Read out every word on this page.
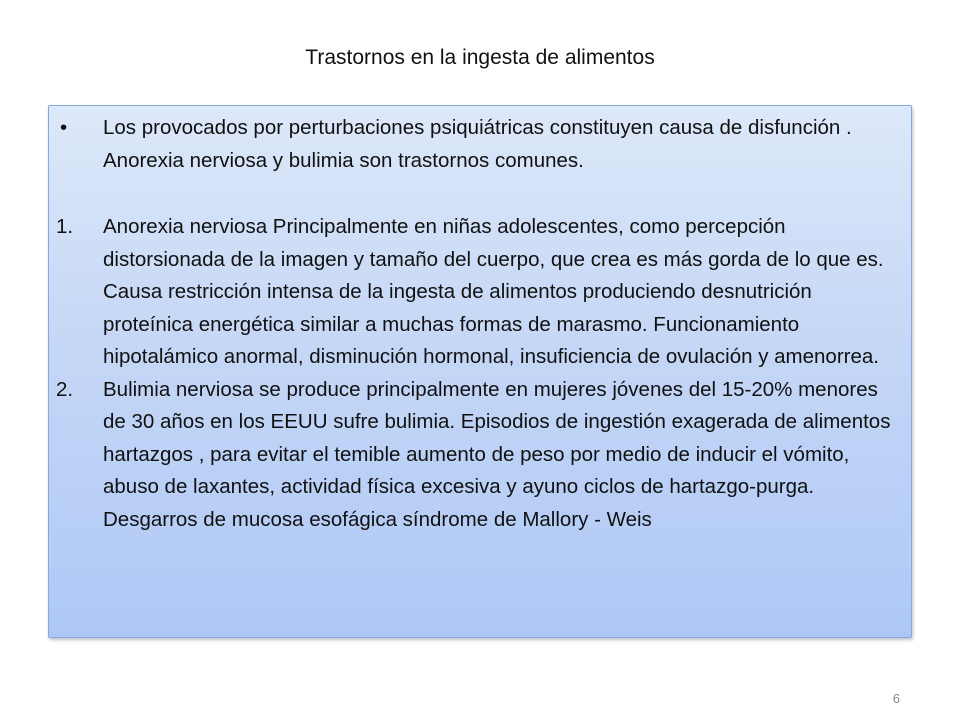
Trastornos en la ingesta de alimentos
• Los provocados por perturbaciones psiquiátricas constituyen causa de disfunción . Anorexia nerviosa y bulimia son trastornos comunes.
1. Anorexia nerviosa Principalmente en niñas adolescentes, como percepción distorsionada de la imagen y tamaño del cuerpo, que crea es más gorda de lo que es. Causa restricción intensa de la ingesta de alimentos produciendo desnutrición proteínica energética similar a muchas formas de marasmo. Funcionamiento hipotalámico anormal, disminución hormonal, insuficiencia de ovulación y amenorrea.
2. Bulimia nerviosa se produce principalmente en mujeres jóvenes del 15-20% menores de 30 años en los EEUU sufre bulimia. Episodios de ingestión exagerada de alimentos hartazgos , para evitar el temible aumento de peso por medio de inducir el vómito, abuso de laxantes, actividad física excesiva y ayuno ciclos de hartazgo-purga. Desgarros de mucosa esofágica síndrome de Mallory - Weis
6
